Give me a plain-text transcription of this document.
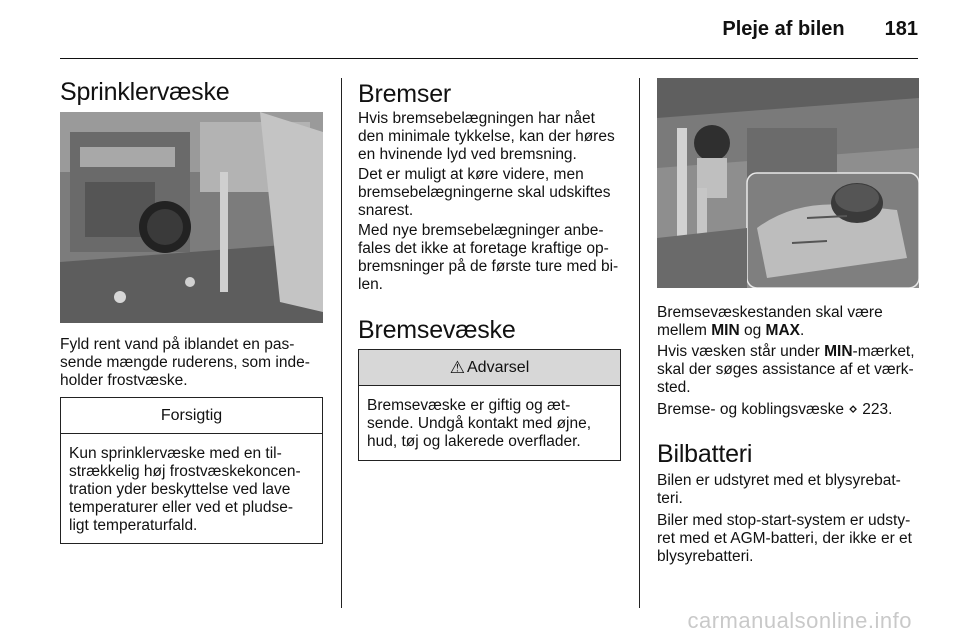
Pleje af bilen 181
Sprinklervæske
Fyld rent vand på iblandet en pas-
sende mængde ruderens, som inde-
holder frostvæske.
Forsigtig
Kun sprinklervæske med en til-
strækkelig høj frostvæskekoncen-
tration yder beskyttelse ved lave
temperaturer eller ved et pludse-
ligt temperaturfald.
Bremser
Hvis bremsebelægningen har nået
den minimale tykkelse, kan der høres
en hvinende lyd ved bremsning.
Det er muligt at køre videre, men
bremsebelægningerne skal udskiftes
snarest.
Med nye bremsebelægninger anbe-
fales det ikke at foretage kraftige op-
bremsninger på de første ture med bi-
len.
Bremsevæske
⚠ Advarsel
Bremsevæske er giftig og æt-
sende. Undgå kontakt med øjne,
hud, tøj og lakerede overflader.
Bremsevæskestanden skal være
mellem MIN og MAX.
Hvis væsken står under MIN-mærket,
skal der søges assistance af et værk-
sted.
Bremse- og koblingsvæske ⋄ 223.
Bilbatteri
Bilen er udstyret med et blysyrebat-
teri.
Biler med stop-start-system er udsty-
ret med et AGM-batteri, der ikke er et
blysyrebatteri.
carmanualsonline.info
